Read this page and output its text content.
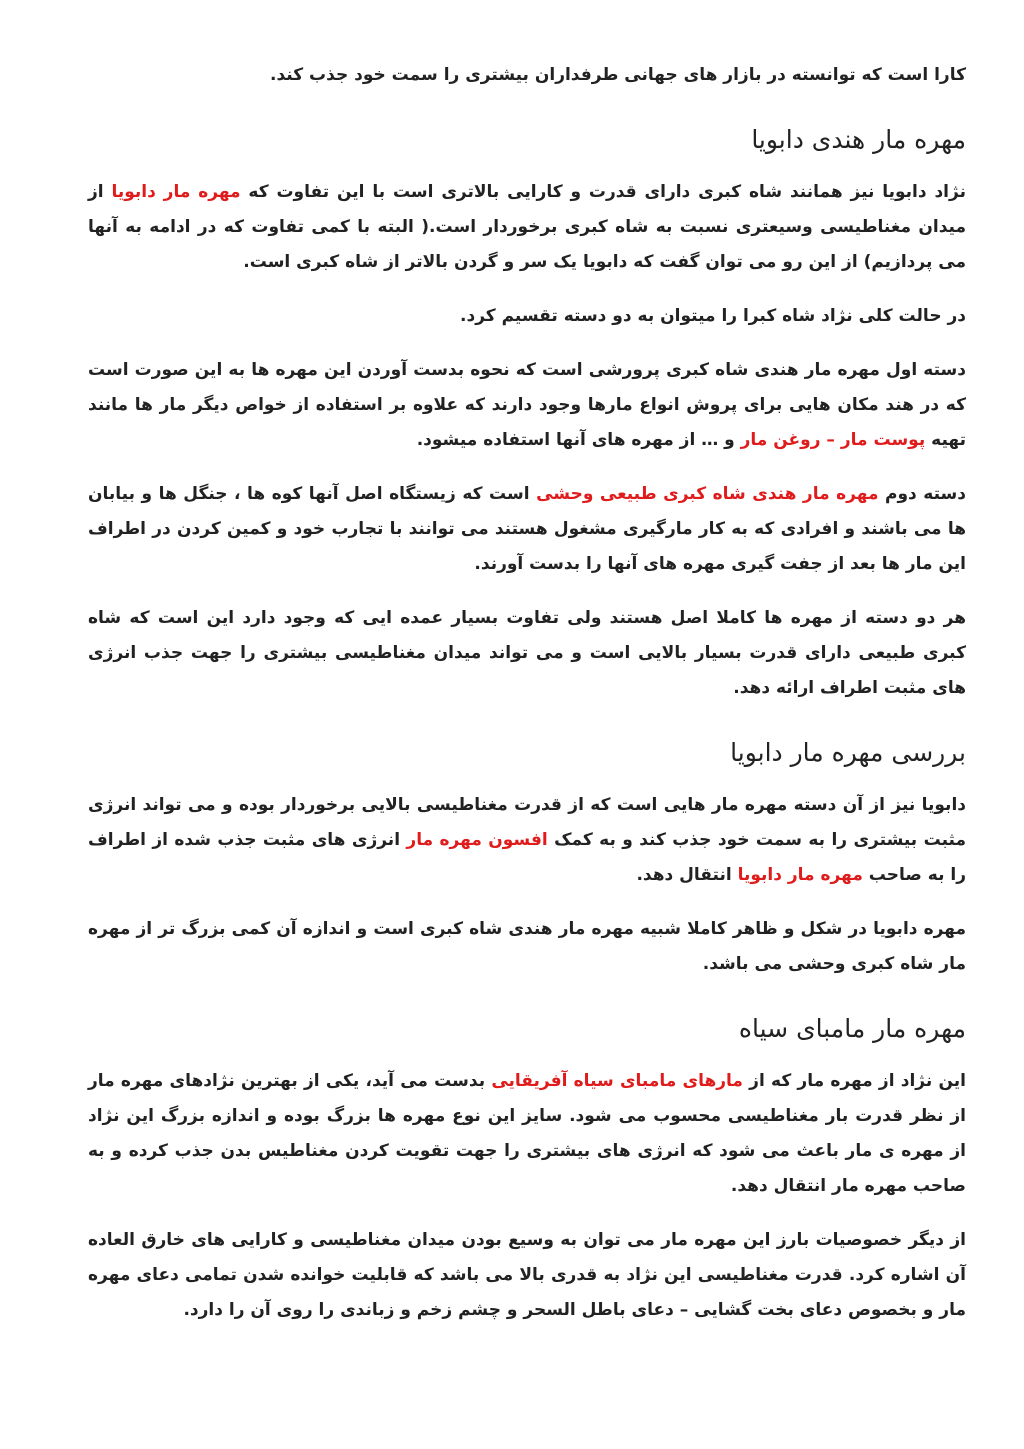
کارا است که توانسته در بازار های جهانی طرفداران بیشتری را سمت خود جذب کند.

مهره مار هندی دابویا

نژاد دابویا نیز همانند شاه کبری دارای قدرت و کارایی بالاتری است با این تفاوت که مهره مار دابویا از میدان مغناطیسی وسیعتری نسبت به شاه کبری برخوردار است.( البته با کمی تفاوت که در ادامه به آنها می پردازیم) از این رو می توان گفت که دابویا یک سر و گردن بالاتر از شاه کبری است.

در حالت کلی نژاد شاه کبرا را میتوان به دو دسته تقسیم کرد.

دسته اول مهره مار هندی شاه کبری پرورشی است که نحوه بدست آوردن این مهره ها به این صورت است که در هند مکان هایی برای پروش انواع مارها وجود دارند که علاوه بر استفاده از خواص دیگر مار ها مانند تهیه پوست مار – روغن مار و … از مهره های آنها استفاده میشود.

دسته دوم مهره مار هندی شاه کبری طبیعی وحشی است که زیستگاه اصل آنها کوه ها ، جنگل ها و بیابان ها می باشند و افرادی که به کار مارگیری مشغول هستند می توانند با تجارب خود و کمین کردن در اطراف این مار ها بعد از جفت گیری مهره های آنها را بدست آورند.

هر دو دسته از مهره ها کاملا اصل هستند ولی تفاوت بسیار عمده ایی که وجود دارد این است که شاه کبری طبیعی دارای قدرت بسیار بالایی است و می تواند میدان مغناطیسی بیشتری را جهت جذب انرژی های مثبت اطراف ارائه دهد.

بررسی مهره مار دابویا

دابویا نیز از آن دسته مهره مار هایی است که از قدرت مغناطیسی بالایی برخوردار بوده و می تواند انرژی مثبت بیشتری را به سمت خود جذب کند و به کمک افسون مهره مار انرژی های مثبت جذب شده از اطراف را به صاحب مهره مار دابویا انتقال دهد.

مهره دابویا در شکل و ظاهر کاملا شبیه مهره مار هندی شاه کبری است و اندازه آن کمی بزرگ تر از مهره مار شاه کبری وحشی می باشد.

مهره مار مامبای سیاه

این نژاد از مهره مار که از مارهای مامبای سیاه آفریقایی بدست می آید، یکی از بهترین نژادهای مهره مار از نظر قدرت بار مغناطیسی محسوب می شود. سایز این نوع مهره ها بزرگ بوده و اندازه بزرگ این نژاد از مهره ی مار باعث می شود که انرژی های بیشتری را جهت تقویت کردن مغناطیس بدن جذب کرده و به صاحب مهره مار انتقال دهد.

از دیگر خصوصیات بارز این مهره مار می توان به وسیع بودن میدان مغناطیسی و کارایی های خارق العاده آن اشاره کرد. قدرت مغناطیسی این نژاد به قدری بالا می باشد که قابلیت خوانده شدن تمامی دعای مهره مار و بخصوص دعای بخت گشایی – دعای باطل السحر و چشم زخم و زباندی را روی آن را دارد.
